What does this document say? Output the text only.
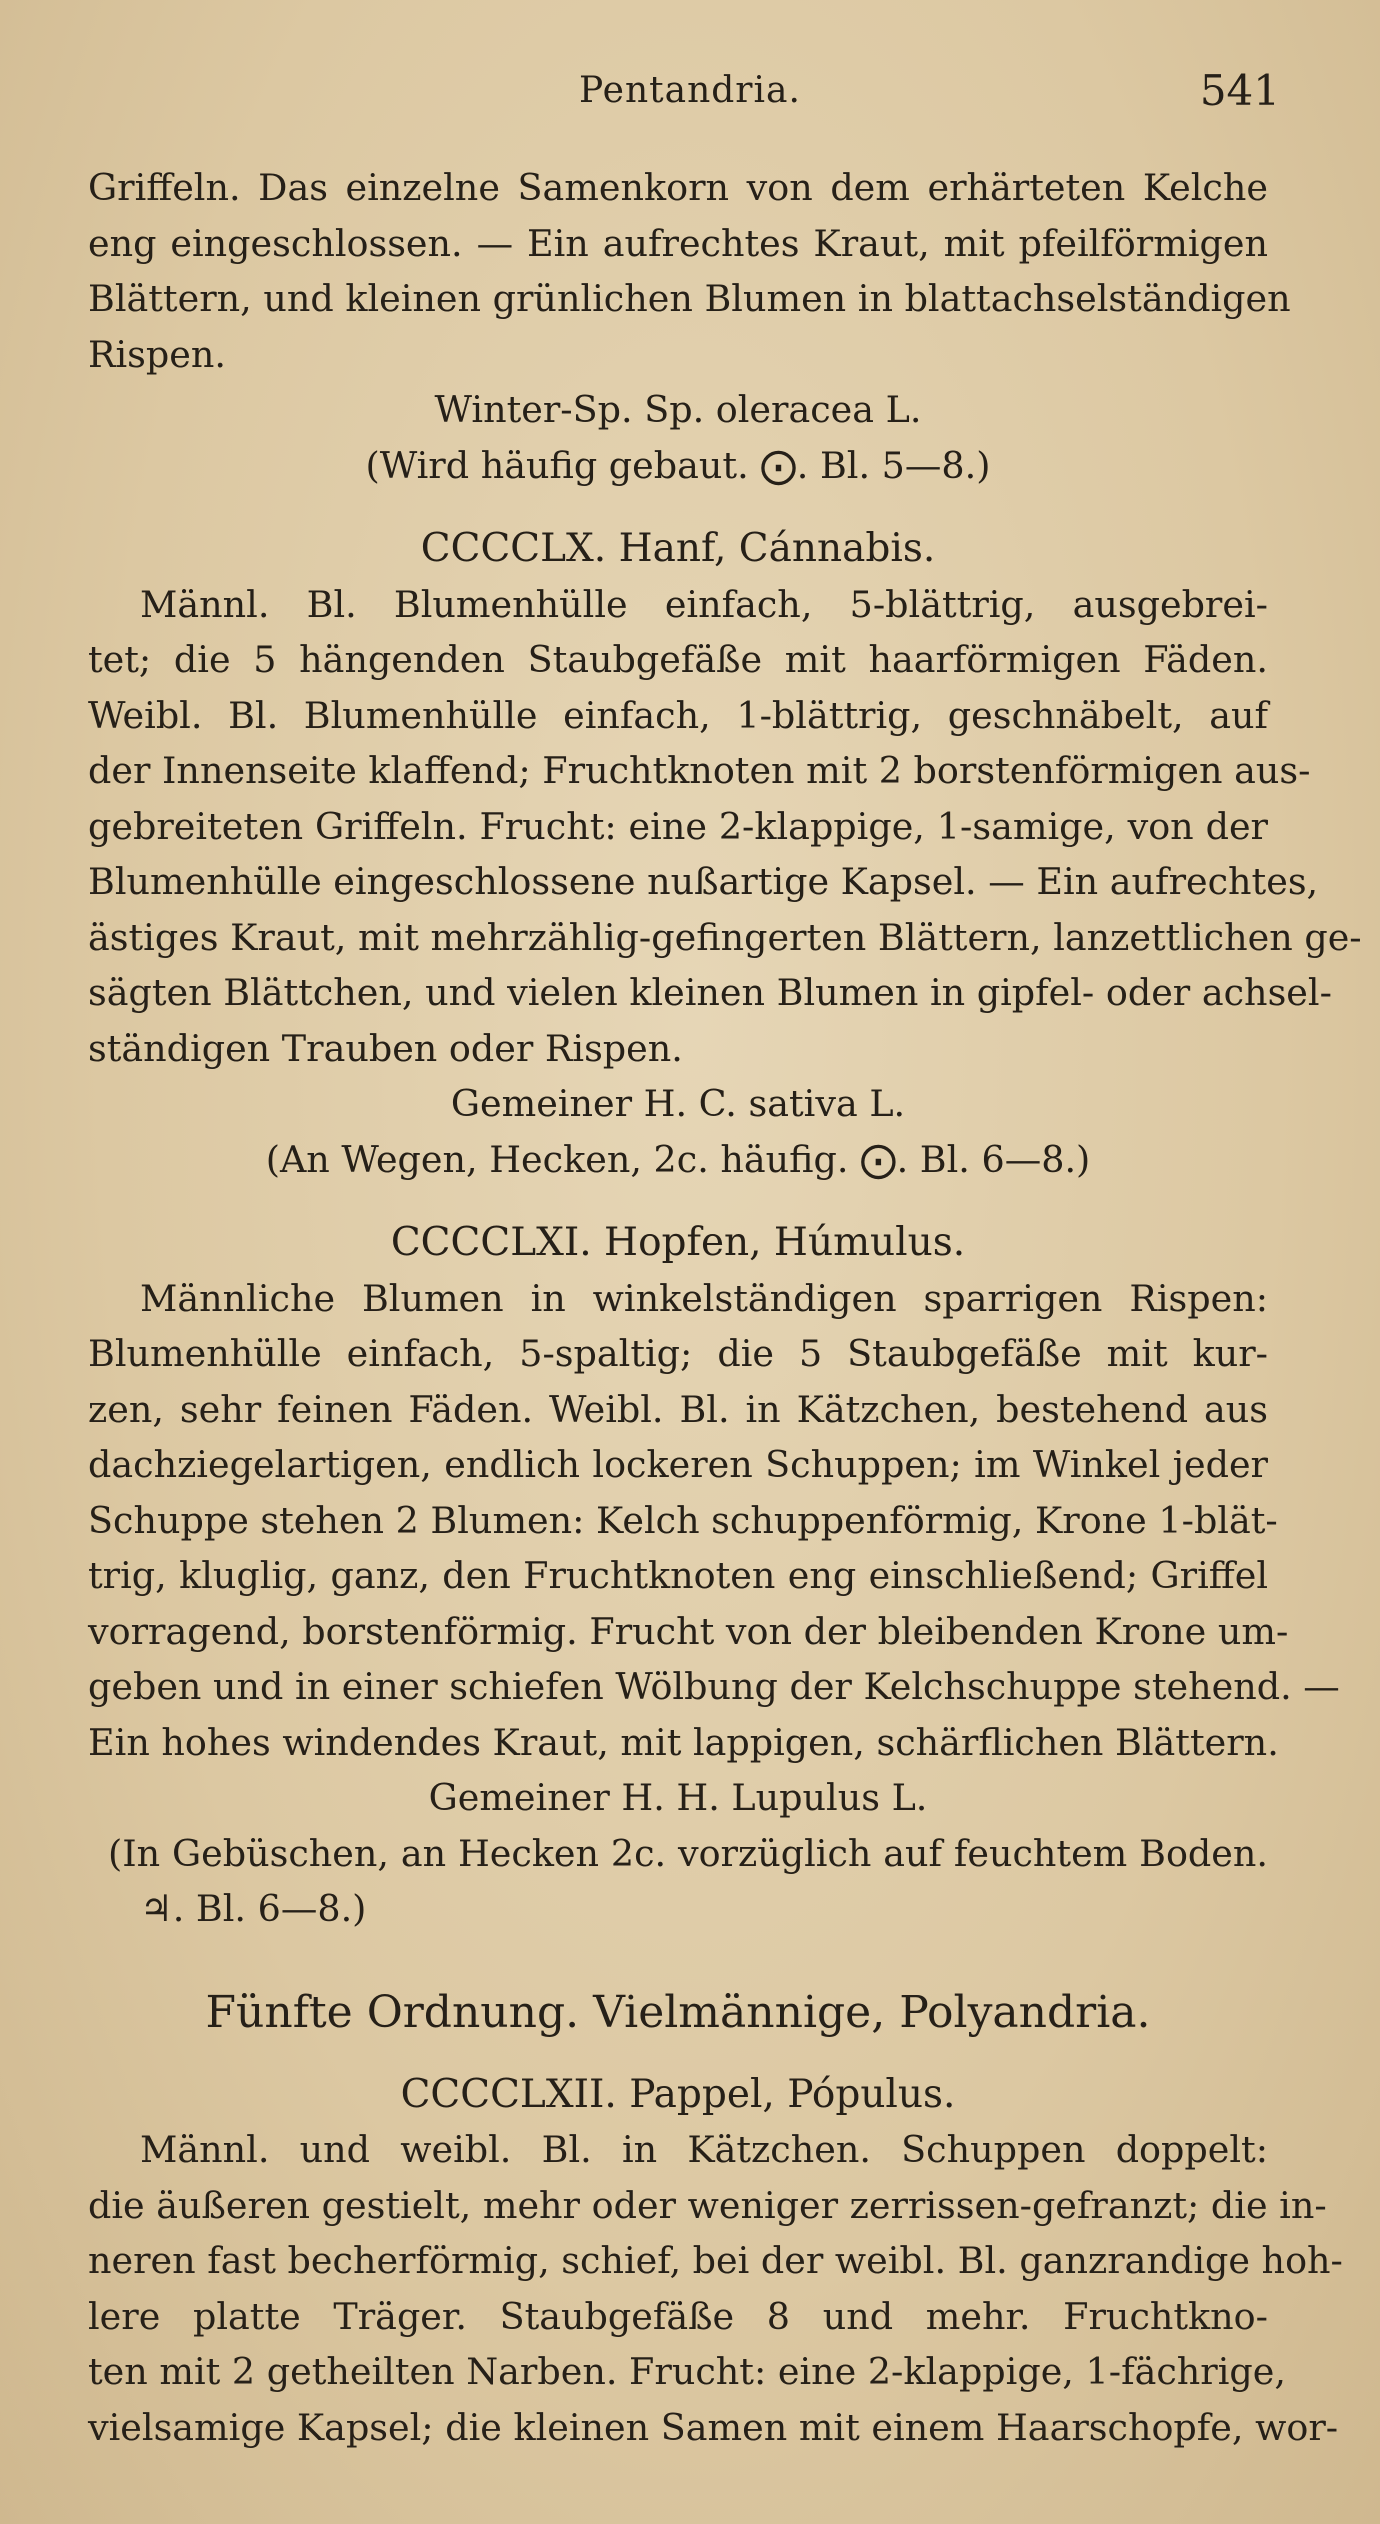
Pentandria.	541
Griffeln. Das einzelne Samenkorn von dem erhärteten Kelche
eng eingeschlossen. — Ein aufrechtes Kraut, mit pfeilförmigen
Blättern, und kleinen grünlichen Blumen in blattachselständigen
Rispen.
Winter-Sp. Sp. oleracea L.
(Wird häufig gebaut. ⨀. Bl. 5—8.)
CCCCLX. Hanf, Cánnabis.
Männl. Bl. Blumenhülle einfach, 5-blättrig, ausgebrei-
tet; die 5 hängenden Staubgefäße mit haarförmigen Fäden.
Weibl. Bl. Blumenhülle einfach, 1-blättrig, geschnäbelt, auf
der Innenseite klaffend; Fruchtknoten mit 2 borstenförmigen aus-
gebreiteten Griffeln. Frucht: eine 2-klappige, 1-samige, von der
Blumenhülle eingeschlossene nußartige Kapsel. — Ein aufrechtes,
ästiges Kraut, mit mehrzählig-gefingerten Blättern, lanzettlichen ge-
sägten Blättchen, und vielen kleinen Blumen in gipfel- oder achsel-
ständigen Trauben oder Rispen.
Gemeiner H. C. sativa L.
(An Wegen, Hecken, 2c. häufig. ⨀. Bl. 6—8.)
CCCCLXI. Hopfen, Húmulus.
Männliche Blumen in winkelständigen sparrigen Rispen:
Blumenhülle einfach, 5-spaltig; die 5 Staubgefäße mit kur-
zen, sehr feinen Fäden. Weibl. Bl. in Kätzchen, bestehend aus
dachziegelartigen, endlich lockeren Schuppen; im Winkel jeder
Schuppe stehen 2 Blumen: Kelch schuppenförmig, Krone 1-blät-
trig, kluglig, ganz, den Fruchtknoten eng einschließend; Griffel
vorragend, borstenförmig. Frucht von der bleibenden Krone um-
geben und in einer schiefen Wölbung der Kelchschuppe stehend. —
Ein hohes windendes Kraut, mit lappigen, schärflichen Blättern.
Gemeiner H. H. Lupulus L.
(In Gebüschen, an Hecken 2c. vorzüglich auf feuchtem Boden.
♃. Bl. 6—8.)
Fünfte Ordnung. Vielmännige, Polyandria.
CCCCLXII. Pappel, Pópulus.
Männl. und weibl. Bl. in Kätzchen. Schuppen doppelt:
die äußeren gestielt, mehr oder weniger zerrissen-gefranzt; die in-
neren fast becherförmig, schief, bei der weibl. Bl. ganzrandige hoh-
lere platte Träger. Staubgefäße 8 und mehr. Fruchtkno-
ten mit 2 getheilten Narben. Frucht: eine 2-klappige, 1-fächrige,
vielsamige Kapsel; die kleinen Samen mit einem Haarschopfe, wor-
